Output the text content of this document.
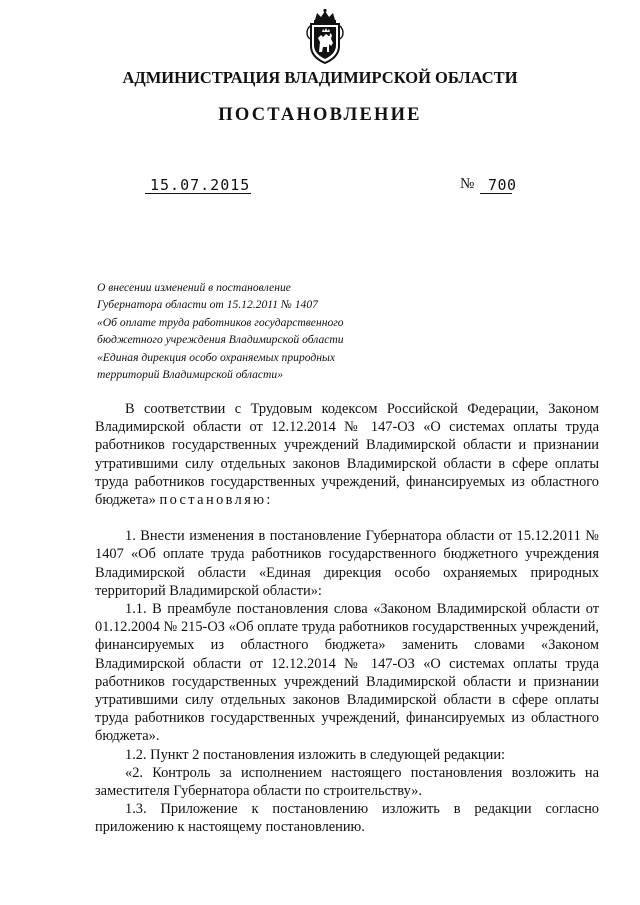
АДМИНИСТРАЦИЯ ВЛАДИМИРСКОЙ ОБЛАСТИ
ПОСТАНОВЛЕНИЕ
15.07.2015	№ 700
О внесении изменений в постановление
Губернатора области от 15.12.2011 № 1407
«Об оплате труда работников государственного
бюджетного учреждения Владимирской области
«Единая дирекция особо охраняемых природных
территорий Владимирской области»

В соответствии с Трудовым кодексом Российской Федерации, Законом Владимирской области от 12.12.2014 № 147-ОЗ «О системах оплаты труда работников государственных учреждений Владимирской области и признании утратившими силу отдельных законов Владимирской области в сфере оплаты труда работников государственных учреждений, финансируемых из областного бюджета» постановляю:

1. Внести изменения в постановление Губернатора области от 15.12.2011 № 1407 «Об оплате труда работников государственного бюджетного учреждения Владимирской области «Единая дирекция особо охраняемых природных территорий Владимирской области»:

1.1. В преамбуле постановления слова «Законом Владимирской области от 01.12.2004 № 215-ОЗ «Об оплате труда работников государственных учреждений, финансируемых из областного бюджета» заменить словами «Законом Владимирской области от 12.12.2014 № 147-ОЗ «О системах оплаты труда работников государственных учреждений Владимирской области и признании утратившими силу отдельных законов Владимирской области в сфере оплаты труда работников государственных учреждений, финансируемых из областного бюджета».

1.2. Пункт 2 постановления изложить в следующей редакции:

«2. Контроль за исполнением настоящего постановления возложить на заместителя Губернатора области по строительству».

1.3. Приложение к постановлению изложить в редакции согласно приложению к настоящему постановлению.
